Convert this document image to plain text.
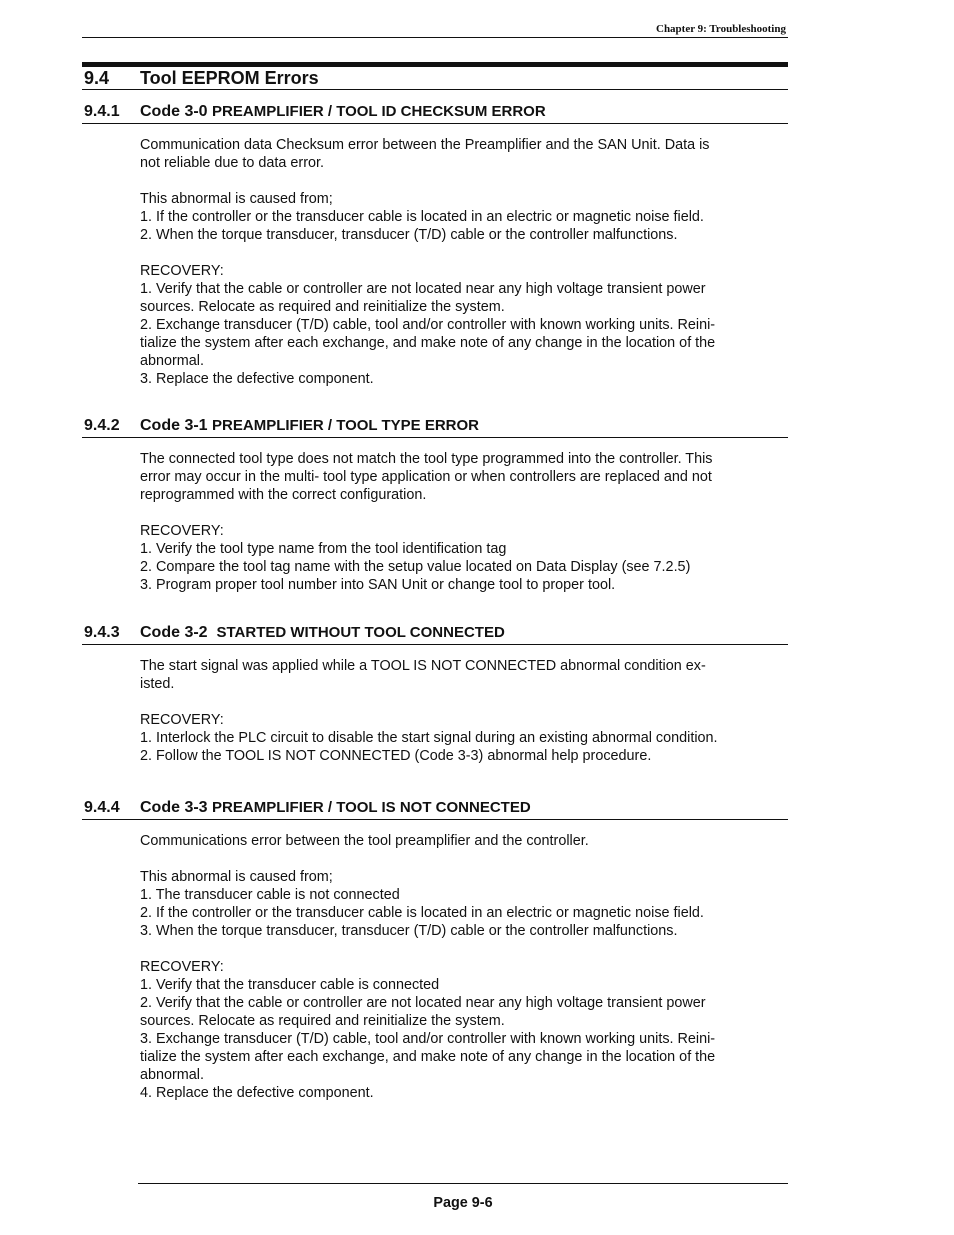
Chapter 9: Troubleshooting
9.4 Tool EEPROM Errors
9.4.1 Code 3-0 PREAMPLIFIER / TOOL ID CHECKSUM ERROR

Communication data Checksum error between the Preamplifier and the SAN Unit. Data is
not reliable due to data error.

This abnormal is caused from;
1. If the controller or the transducer cable is located in an electric or magnetic noise field.
2. When the torque transducer, transducer (T/D) cable or the controller malfunctions.

RECOVERY:
1. Verify that the cable or controller are not located near any high voltage transient power
sources. Relocate as required and reinitialize the system.
2. Exchange transducer (T/D) cable, tool and/or controller with known working units. Reini-
tialize the system after each exchange, and make note of any change in the location of the
abnormal.
3. Replace the defective component.

9.4.2 Code 3-1 PREAMPLIFIER / TOOL TYPE ERROR

The connected tool type does not match the tool type programmed into the controller. This
error may occur in the multi- tool type application or when controllers are replaced and not
reprogrammed with the correct configuration.

RECOVERY:
1. Verify the tool type name from the tool identification tag
2. Compare the tool tag name with the setup value located on Data Display (see 7.2.5)
3. Program proper tool number into SAN Unit or change tool to proper tool.

9.4.3 Code 3-2 STARTED WITHOUT TOOL CONNECTED

The start signal was applied while a TOOL IS NOT CONNECTED abnormal condition ex-
isted.

RECOVERY:
1. Interlock the PLC circuit to disable the start signal during an existing abnormal condition.
2. Follow the TOOL IS NOT CONNECTED (Code 3-3) abnormal help procedure.

9.4.4 Code 3-3 PREAMPLIFIER / TOOL IS NOT CONNECTED

Communications error between the tool preamplifier and the controller.

This abnormal is caused from;
1. The transducer cable is not connected
2. If the controller or the transducer cable is located in an electric or magnetic noise field.
3. When the torque transducer, transducer (T/D) cable or the controller malfunctions.

RECOVERY:
1. Verify that the transducer cable is connected
2. Verify that the cable or controller are not located near any high voltage transient power
sources. Relocate as required and reinitialize the system.
3. Exchange transducer (T/D) cable, tool and/or controller with known working units. Reini-
tialize the system after each exchange, and make note of any change in the location of the
abnormal.
4. Replace the defective component.

Page 9-6
